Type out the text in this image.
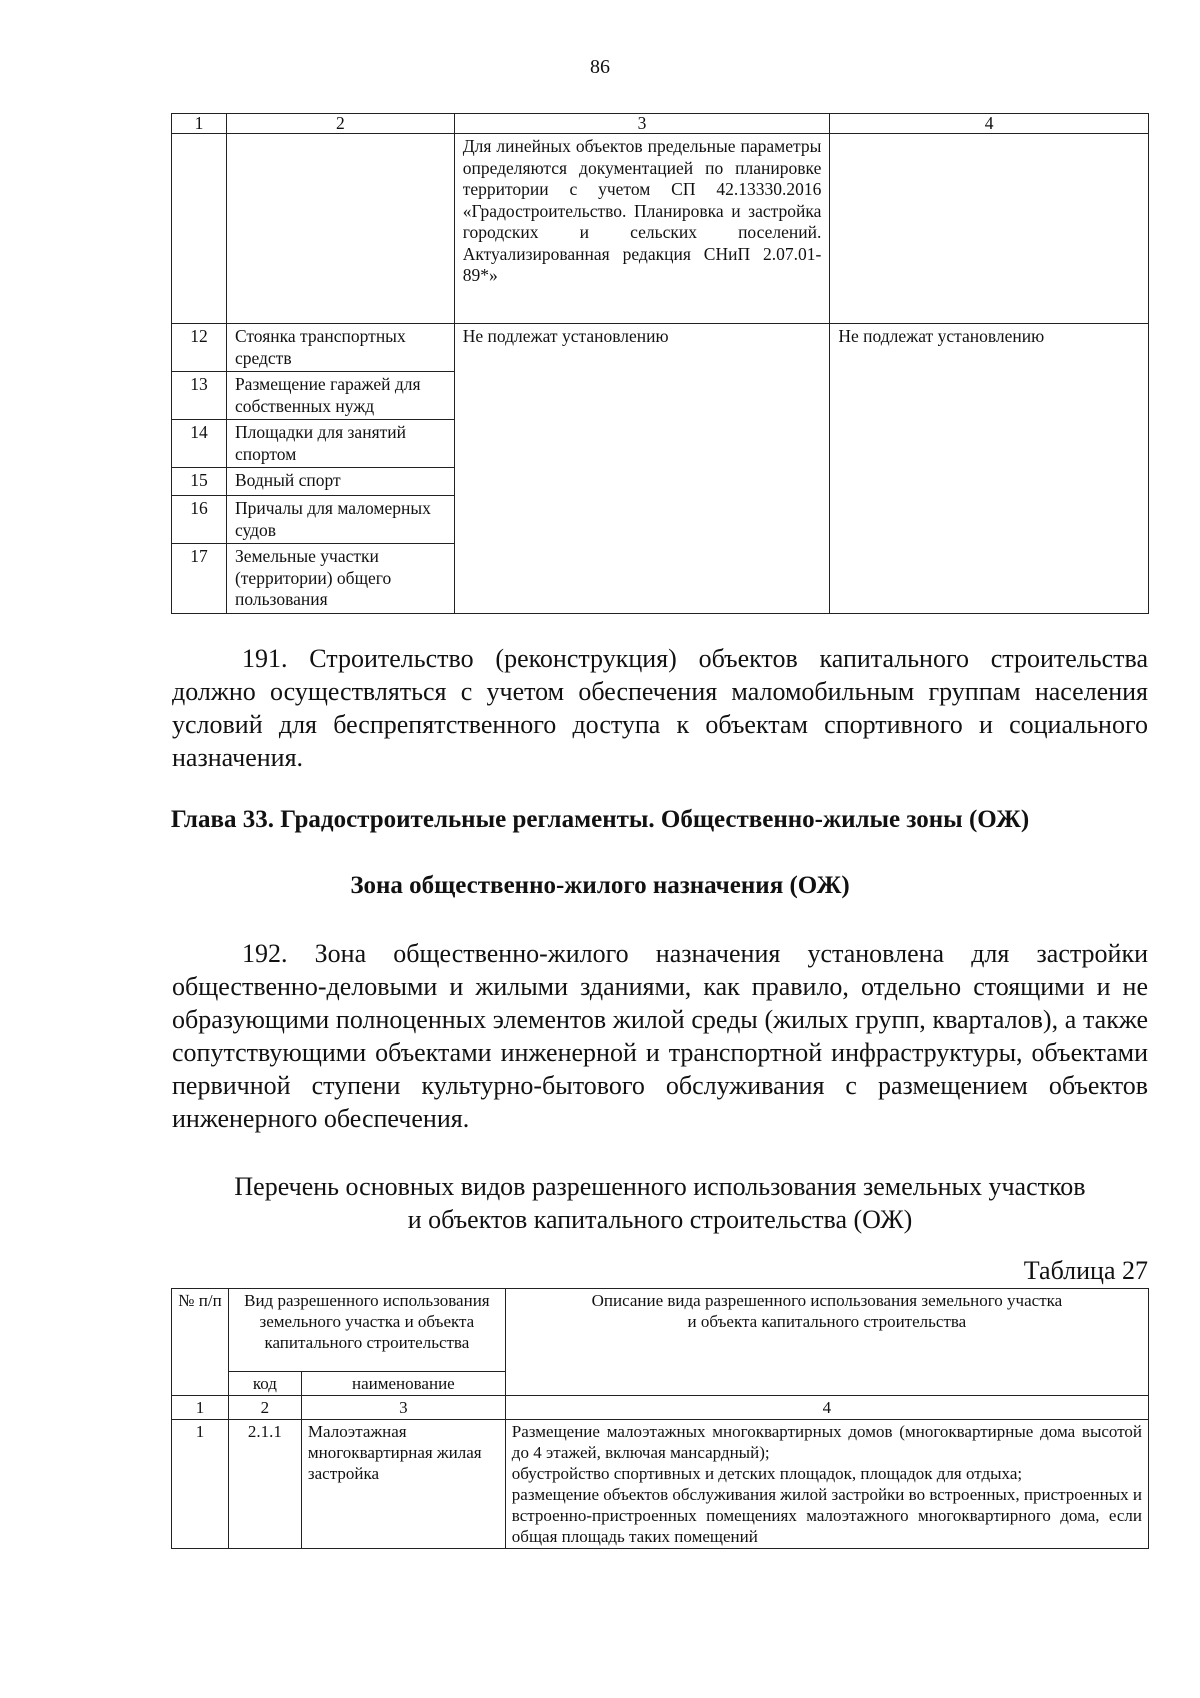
86
1	2	3	4
		Для линейных объектов предельные параметры определяются документацией по планировке территории с учетом СП 42.13330.2016 «Градостроительство. Планировка и застройка городских и сельских поселений. Актуализированная редакция СНиП 2.07.01-89*»	
12	Стоянка транспортных средств	Не подлежат установлению	Не подлежат установлению
13	Размещение гаражей для собственных нужд		
14	Площадки для занятий спортом		
15	Водный спорт		
16	Причалы для маломерных судов		
17	Земельные участки (территории) общего пользования		
191. Строительство (реконструкция) объектов капитального строительства должно осуществляться с учетом обеспечения маломобильным группам населения условий для беспрепятственного доступа к объектам спортивного и социального назначения.
Глава 33. Градостроительные регламенты. Общественно-жилые зоны (ОЖ)
Зона общественно-жилого назначения (ОЖ)
192. Зона общественно-жилого назначения установлена для застройки общественно-деловыми и жилыми зданиями, как правило, отдельно стоящими и не образующими полноценных элементов жилой среды (жилых групп, кварталов), а также сопутствующими объектами инженерной и транспортной инфраструктуры, объектами первичной ступени культурно-бытового обслуживания с размещением объектов инженерного обеспечения.
Перечень основных видов разрешенного использования земельных участков
и объектов капитального строительства (ОЖ)
Таблица 27
№ п/п	Вид разрешенного использования земельного участка и объекта капитального строительства		Описание вида разрешенного использования земельного участка
и объекта капитального строительства

	код	наименование	
1	2	3	4
1	2.1.1	Малоэтажная многоквартирная жилая застройка	Размещение малоэтажных многоквартирных домов (многоквартирные дома высотой до 4 этажей, включая мансардный);
обустройство спортивных и детских площадок, площадок для отдыха;
размещение объектов обслуживания жилой застройки во встроенных, пристроенных и встроенно-пристроенных помещениях малоэтажного многоквартирного дома, если общая площадь таких помещений
